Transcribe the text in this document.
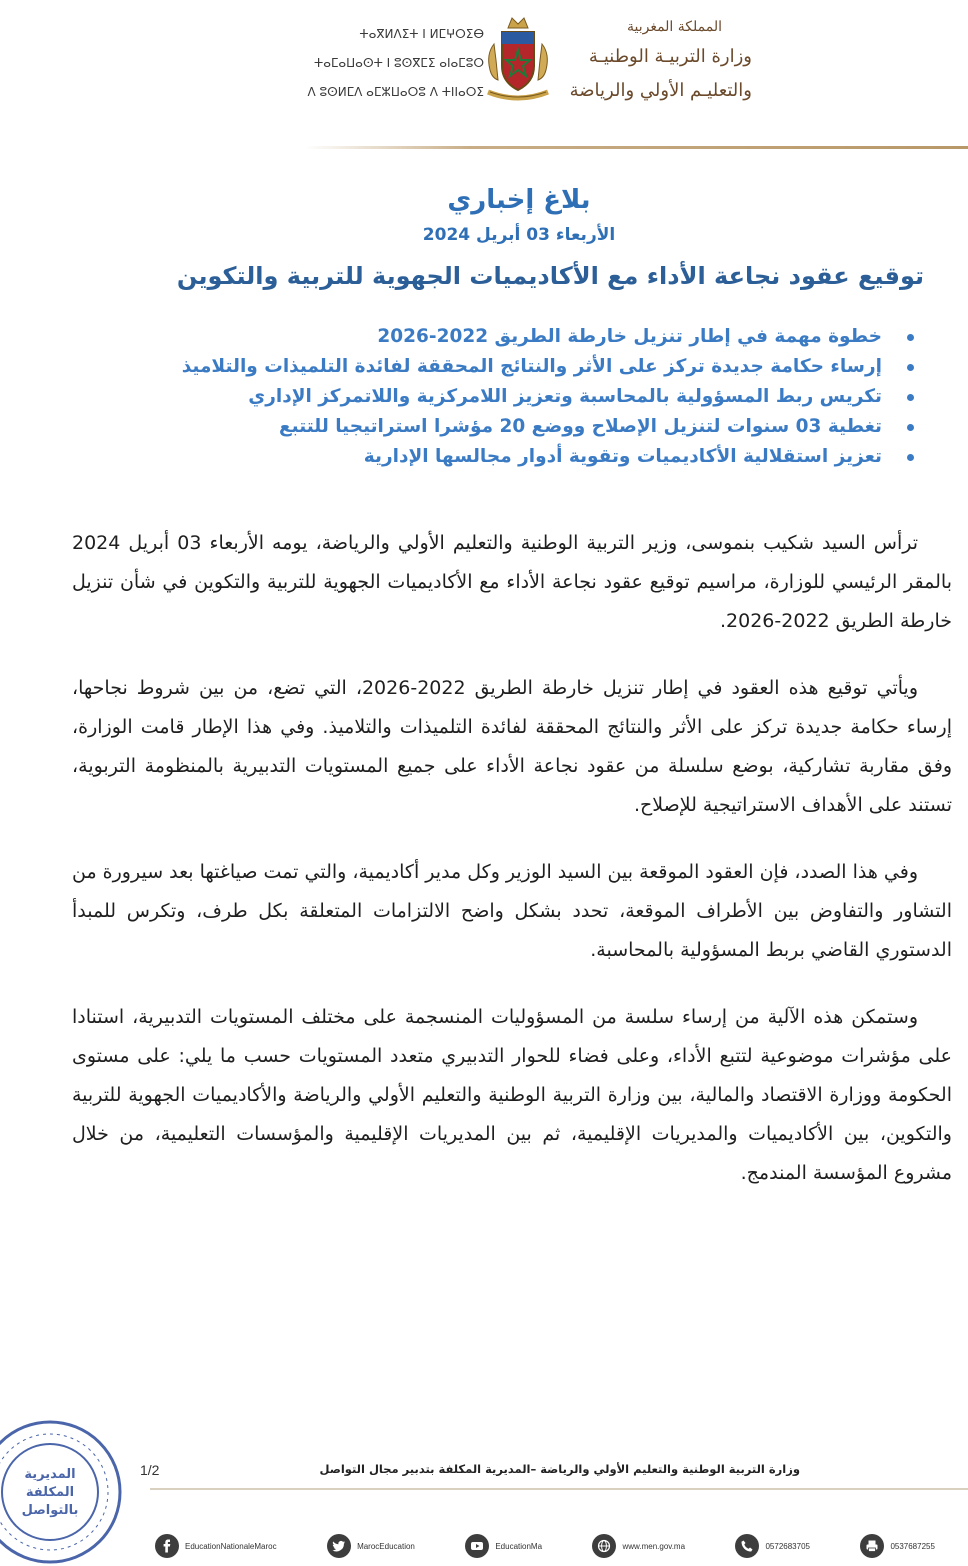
ⵜⴰⴳⵍⴷⵉⵜ ⵏ ⵍⵎⵖⵔⵉⴱ
ⵜⴰⵎⴰⵡⴰⵙⵜ ⵏ ⵓⵙⴳⵎⵉ ⴰⵏⴰⵎⵓⵔ
ⴷ ⵓⵙⵍⵎⴷ ⴰⵎⵣⵡⴰⵔⵓ ⴷ ⵜⵏⵏⴰⵔⵉ
المملكة المغربية
وزارة التربيـة الوطنيـة
والتعليـم الأولي والرياضة
بلاغ إخباري
الأربعاء 03 أبريل 2024
توقيع عقود نجاعة الأداء مع الأكاديميات الجهوية للتربية والتكوين
خطوة مهمة في إطار تنزيل خارطة الطريق 2022-2026
إرساء حكامة جديدة تركز على الأثر والنتائج المحققة لفائدة التلميذات والتلاميذ
تكريس ربط المسؤولية بالمحاسبة وتعزيز اللامركزية واللاتمركز الإداري
تغطية 03 سنوات لتنزيل الإصلاح ووضع 20 مؤشرا استراتيجيا للتتبع
تعزيز استقلالية الأكاديميات وتقوية أدوار مجالسها الإدارية

ترأس السيد شكيب بنموسى، وزير التربية الوطنية والتعليم الأولي والرياضة، يومه الأربعاء 03 أبريل 2024 بالمقر الرئيسي للوزارة، مراسيم توقيع عقود نجاعة الأداء مع الأكاديميات الجهوية للتربية والتكوين في شأن تنزيل خارطة الطريق 2022-2026.

ويأتي توقيع هذه العقود في إطار تنزيل خارطة الطريق 2022-2026، التي تضع، من بين شروط نجاحها، إرساء حكامة جديدة تركز على الأثر والنتائج المحققة لفائدة التلميذات والتلاميذ. وفي هذا الإطار قامت الوزارة، وفق مقاربة تشاركية، بوضع سلسلة من عقود نجاعة الأداء على جميع المستويات التدبيرية بالمنظومة التربوية، تستند على الأهداف الاستراتيجية للإصلاح.

وفي هذا الصدد، فإن العقود الموقعة بين السيد الوزير وكل مدير أكاديمية، والتي تمت صياغتها بعد سيرورة من التشاور والتفاوض بين الأطراف الموقعة، تحدد بشكل واضح الالتزامات المتعلقة بكل طرف، وتكرس للمبدأ الدستوري القاضي بربط المسؤولية بالمحاسبة.

وستمكن هذه الآلية من إرساء سلسة من المسؤوليات المنسجمة على مختلف المستويات التدبيرية، استنادا على مؤشرات موضوعية لتتبع الأداء، وعلى فضاء للحوار التدبيري متعدد المستويات حسب ما يلي: على مستوى الحكومة ووزارة الاقتصاد والمالية، بين وزارة التربية الوطنية والتعليم الأولي والرياضة والأكاديميات الجهوية للتربية والتكوين، بين الأكاديميات والمديريات الإقليمية، ثم بين المديريات الإقليمية والمؤسسات التعليمية، من خلال مشروع المؤسسة المندمج.

المديرية
المكلفة
بالتواصل
1/2	وزارة التربية الوطنية والتعليم الأولي والرياضة –المديرية المكلفة بتدبير مجال التواصل
EducationNationaleMaroc	MarocEducation	EducationMa	www.men.gov.ma	0572683705	0537687255
